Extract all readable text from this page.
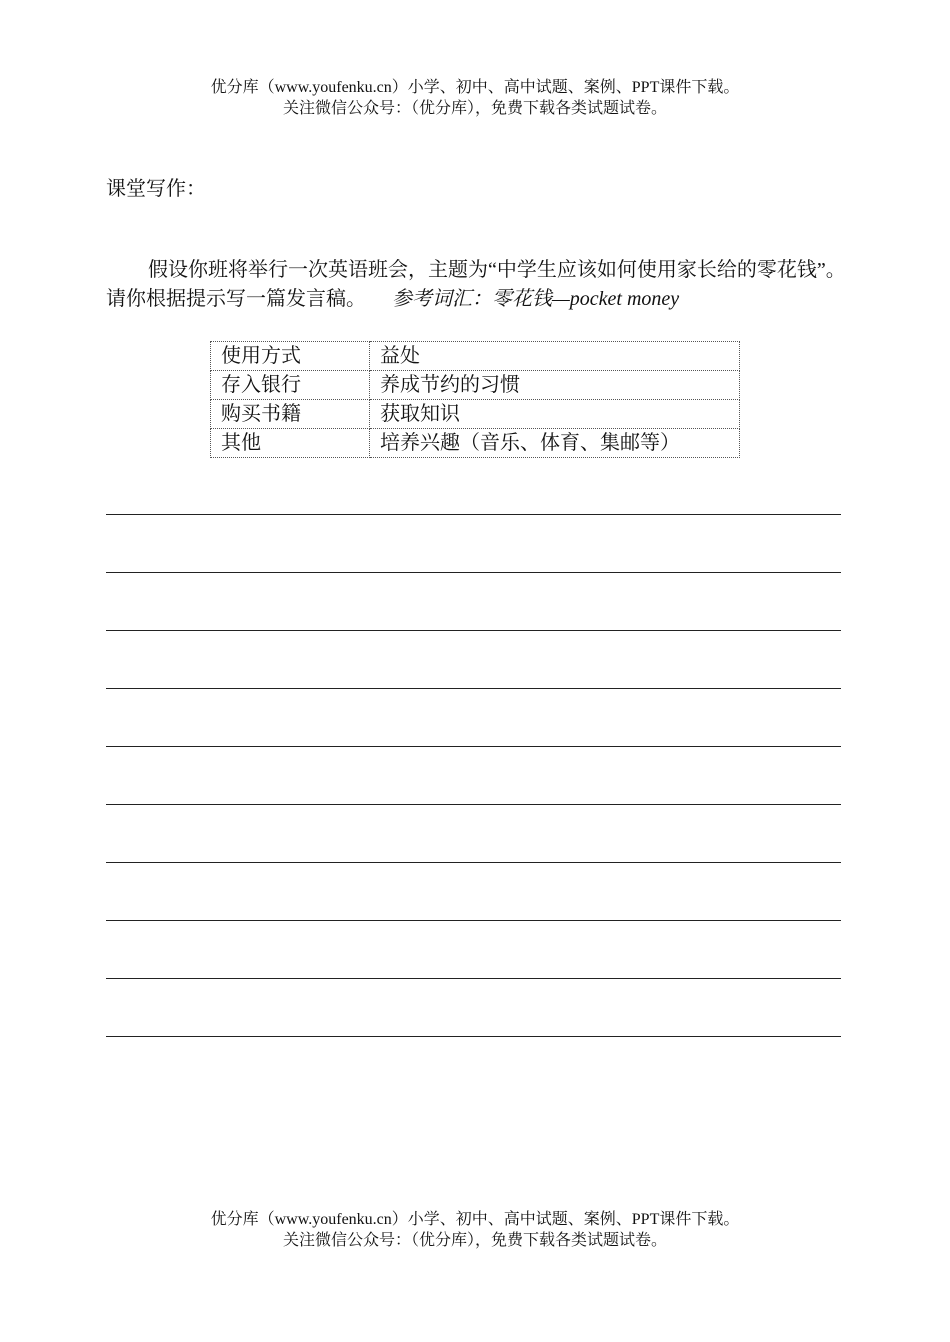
优分库（www.youfenku.cn）小学、初中、高中试题、案例、PPT课件下载。
关注微信公众号：（优分库），免费下载各类试题试卷。
课堂写作：
假设你班将举行一次英语班会，主题为“中学生应该如何使用家长给的零花钱”。请你根据提示写一篇发言稿。 参考词汇：零花钱—pocket money
使用方式	益处
存入银行	养成节约的习惯
购买书籍	获取知识
其他	培养兴趣（音乐、体育、集邮等）
优分库（www.youfenku.cn）小学、初中、高中试题、案例、PPT课件下载。
关注微信公众号：（优分库），免费下载各类试题试卷。
